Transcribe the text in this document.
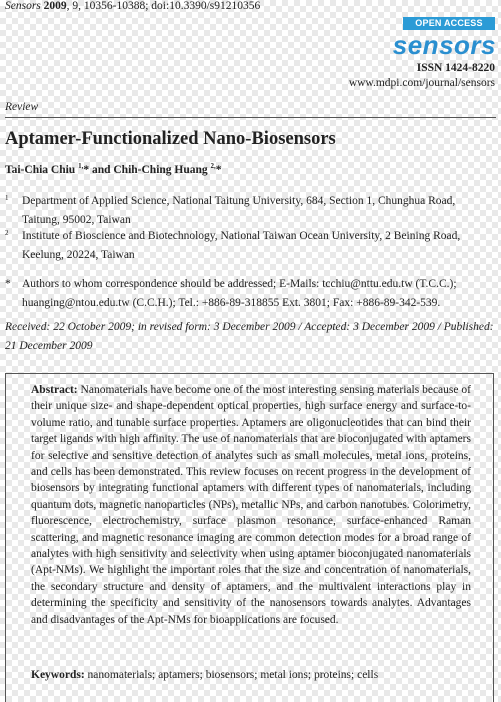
Sensors 2009, 9, 10356-10388; doi:10.3390/s91210356
OPEN ACCESS
sensors
ISSN 1424-8220
www.mdpi.com/journal/sensors
Review
Aptamer-Functionalized Nano-Biosensors
Tai-Chia Chiu $^{1,}$* and Chih-Ching Huang $^{2,}$*
1 Department of Applied Science, National Taitung University, 684, Section 1, Chunghua Road, Taitung, 95002, Taiwan
2 Institute of Bioscience and Biotechnology, National Taiwan Ocean University, 2 Beining Road, Keelung, 20224, Taiwan
* Authors to whom correspondence should be addressed; E-Mails: tcchiu@nttu.edu.tw (T.C.C.); huanging@ntou.edu.tw (C.C.H.); Tel.: +886-89-318855 Ext. 3801; Fax: +886-89-342-539.
Received: 22 October 2009; in revised form: 3 December 2009 / Accepted: 3 December 2009 / Published: 21 December 2009

Abstract: Nanomaterials have become one of the most interesting sensing materials because of their unique size- and shape-dependent optical properties, high surface energy and surface-to-volume ratio, and tunable surface properties. Aptamers are oligonucleotides that can bind their target ligands with high affinity. The use of nanomaterials that are bioconjugated with aptamers for selective and sensitive detection of analytes such as small molecules, metal ions, proteins, and cells has been demonstrated. This review focuses on recent progress in the development of biosensors by integrating functional aptamers with different types of nanomaterials, including quantum dots, magnetic nanoparticles (NPs), metallic NPs, and carbon nanotubes. Colorimetry, fluorescence, electrochemistry, surface plasmon resonance, surface-enhanced Raman scattering, and magnetic resonance imaging are common detection modes for a broad range of analytes with high sensitivity and selectivity when using aptamer bioconjugated nanomaterials (Apt-NMs). We highlight the important roles that the size and concentration of nanomaterials, the secondary structure and density of aptamers, and the multivalent interactions play in determining the specificity and sensitivity of the nanosensors towards analytes. Advantages and disadvantages of the Apt-NMs for bioapplications are focused.

Keywords: nanomaterials; aptamers; biosensors; metal ions; proteins; cells
